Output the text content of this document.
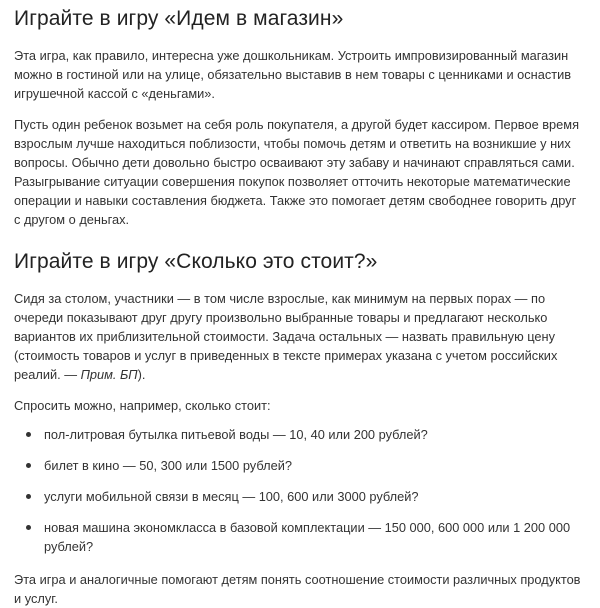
Играйте в игру «Идем в магазин»

Эта игра, как правило, интересна уже дошкольникам. Устроить импровизированный магазин можно в гостиной или на улице, обязательно выставив в нем товары с ценниками и оснастив игрушечной кассой с «деньгами».

Пусть один ребенок возьмет на себя роль покупателя, а другой будет кассиром. Первое время взрослым лучше находиться поблизости, чтобы помочь детям и ответить на возникшие у них вопросы. Обычно дети довольно быстро осваивают эту забаву и начинают справляться сами. Разыгрывание ситуации совершения покупок позволяет отточить некоторые математические операции и навыки составления бюджета. Также это помогает детям свободнее говорить друг с другом о деньгах.

Играйте в игру «Сколько это стоит?»

Сидя за столом, участники — в том числе взрослые, как минимум на первых порах — по очереди показывают друг другу произвольно выбранные товары и предлагают несколько вариантов их приблизительной стоимости. Задача остальных — назвать правильную цену (стоимость товаров и услуг в приведенных в тексте примерах указана с учетом российских реалий. — Прим. БП).

Спросить можно, например, сколько стоит:

пол-литровая бутылка питьевой воды — 10, 40 или 200 рублей?
билет в кино — 50, 300 или 1500 рублей?
услуги мобильной связи в месяц — 100, 600 или 3000 рублей?
новая машина экономкласса в базовой комплектации — 150 000, 600 000 или 1 200 000 рублей?

Эта игра и аналогичные помогают детям понять соотношение стоимости различных продуктов и услуг.
